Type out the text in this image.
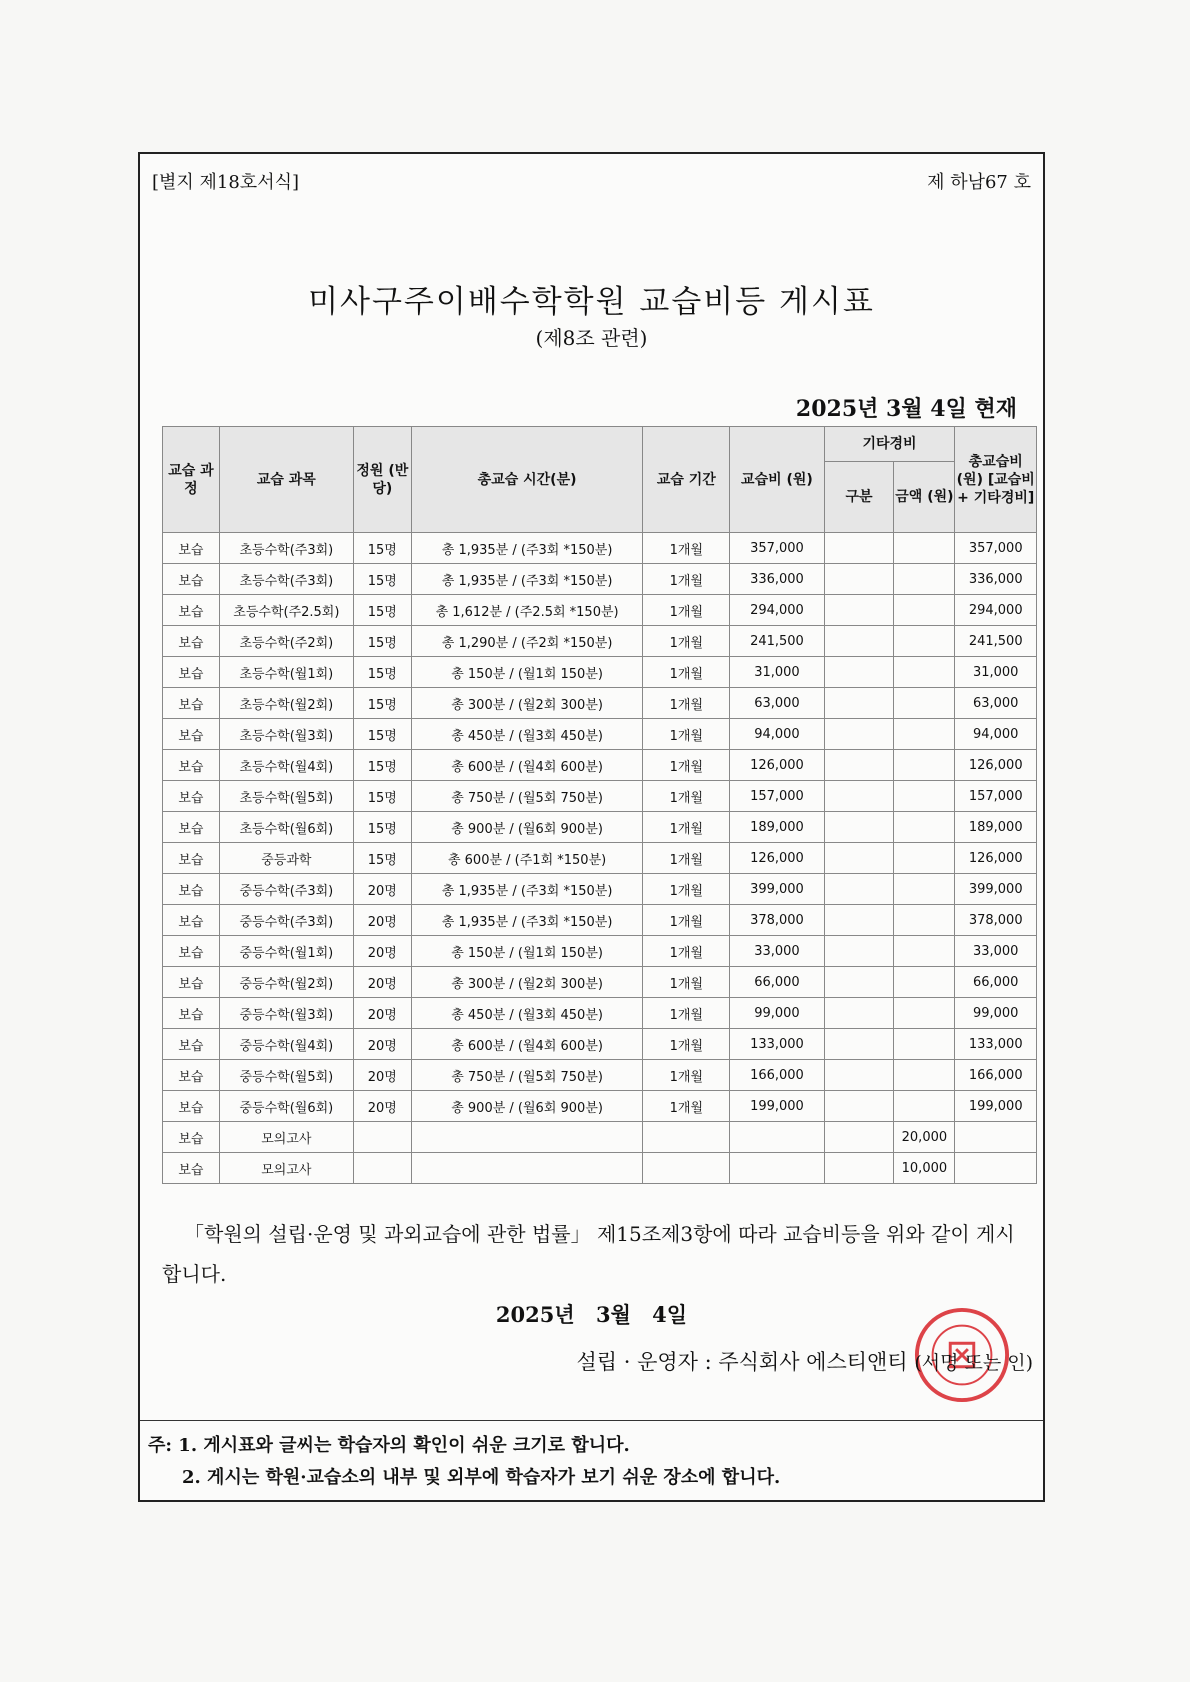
[별지 제18호서식]	제 하남67 호
미사구주이배수학학원 교습비등 게시표
(제8조 관련)
2025년 3월 4일 현재
교습 과정	교습 과목	정원 (반당)	총교습 시간(분)	교습 기간	교습비 (원)	기타경비		총교습비 (원) [교습비+ 기타경비]
						구분	금액 (원)	
보습	초등수학(주3회)	15명	총 1,935분 / (주3회 *150분)	1개월	357,000			357,000
보습	초등수학(주3회)	15명	총 1,935분 / (주3회 *150분)	1개월	336,000			336,000
보습	초등수학(주2.5회)	15명	총 1,612분 / (주2.5회 *150분)	1개월	294,000			294,000
보습	초등수학(주2회)	15명	총 1,290분 / (주2회 *150분)	1개월	241,500			241,500
보습	초등수학(월1회)	15명	총 150분 / (월1회 150분)	1개월	31,000			31,000
보습	초등수학(월2회)	15명	총 300분 / (월2회 300분)	1개월	63,000			63,000
보습	초등수학(월3회)	15명	총 450분 / (월3회 450분)	1개월	94,000			94,000
보습	초등수학(월4회)	15명	총 600분 / (월4회 600분)	1개월	126,000			126,000
보습	초등수학(월5회)	15명	총 750분 / (월5회 750분)	1개월	157,000			157,000
보습	초등수학(월6회)	15명	총 900분 / (월6회 900분)	1개월	189,000			189,000
보습	중등과학	15명	총 600분 / (주1회 *150분)	1개월	126,000			126,000
보습	중등수학(주3회)	20명	총 1,935분 / (주3회 *150분)	1개월	399,000			399,000
보습	중등수학(주3회)	20명	총 1,935분 / (주3회 *150분)	1개월	378,000			378,000
보습	중등수학(월1회)	20명	총 150분 / (월1회 150분)	1개월	33,000			33,000
보습	중등수학(월2회)	20명	총 300분 / (월2회 300분)	1개월	66,000			66,000
보습	중등수학(월3회)	20명	총 450분 / (월3회 450분)	1개월	99,000			99,000
보습	중등수학(월4회)	20명	총 600분 / (월4회 600분)	1개월	133,000			133,000
보습	중등수학(월5회)	20명	총 750분 / (월5회 750분)	1개월	166,000			166,000
보습	중등수학(월6회)	20명	총 900분 / (월6회 900분)	1개월	199,000			199,000
보습	모의고사						20,000	
보습	모의고사						10,000	
「학원의 설립·운영 및 과외교습에 관한 법률」 제15조제3항에 따라 교습비등을 위와 같이 게시합니다.
2025년 3월 4일
설립 · 운영자 : 주식회사 에스티앤티 (서명 또는 인)
주: 1. 게시표와 글씨는 학습자의 확인이 쉬운 크기로 합니다.
2. 게시는 학원·교습소의 내부 및 외부에 학습자가 보기 쉬운 장소에 합니다.
